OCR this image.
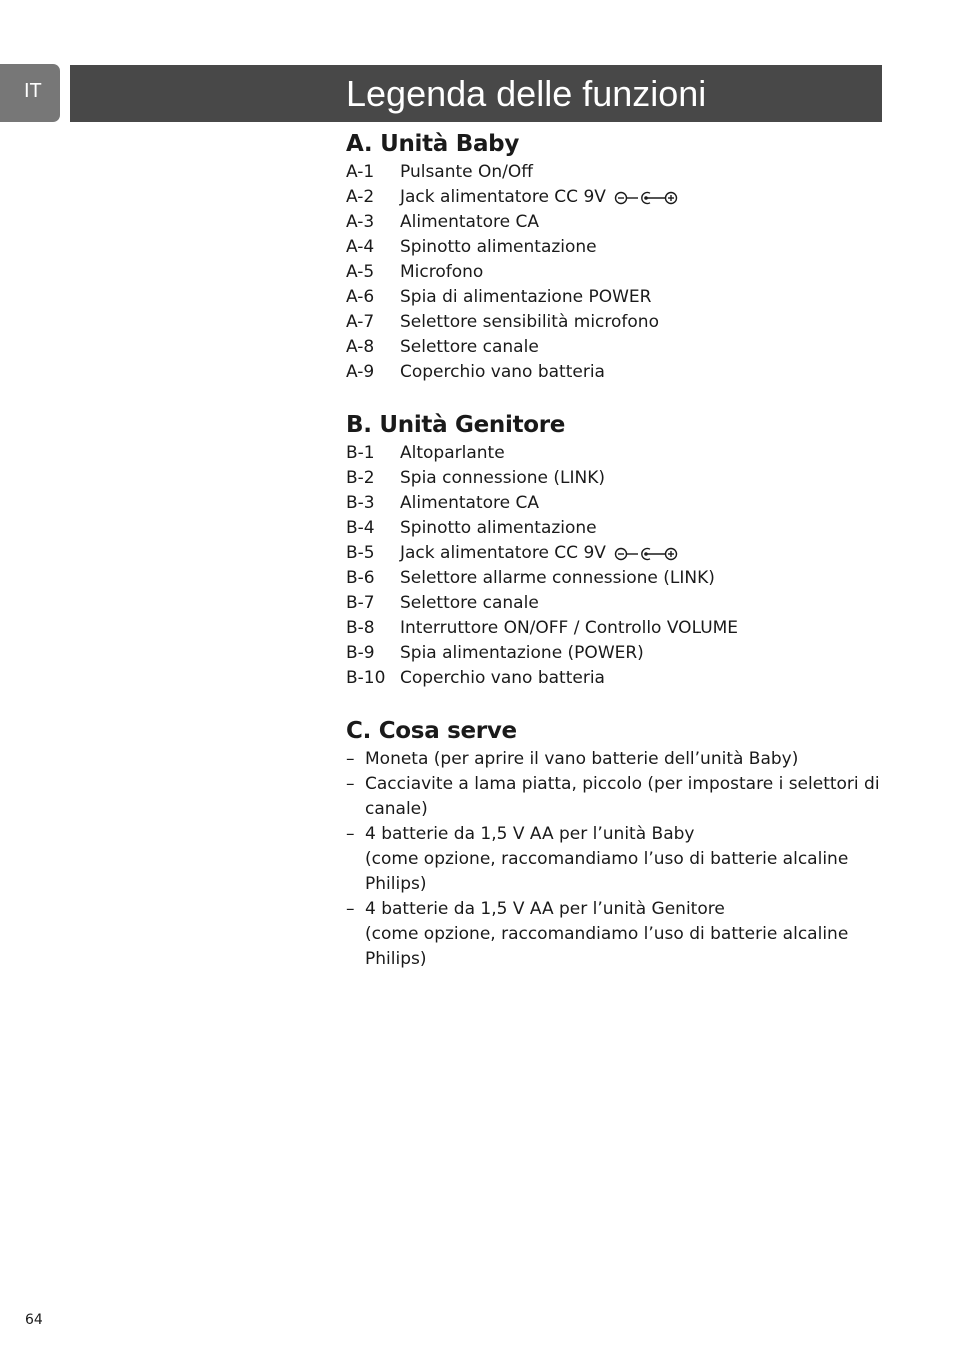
IT	Legenda delle funzioni
A. Unità Baby
A-1	Pulsante On/Off
A-2	Jack alimentatore CC 9V
A-3	Alimentatore CA
A-4	Spinotto alimentazione
A-5	Microfono
A-6	Spia di alimentazione POWER
A-7	Selettore sensibilità microfono
A-8	Selettore canale
A-9	Coperchio vano batteria
B. Unità Genitore
B-1	Altoparlante
B-2	Spia connessione (LINK)
B-3	Alimentatore CA
B-4	Spinotto alimentazione
B-5	Jack alimentatore CC 9V
B-6	Selettore allarme connessione (LINK)
B-7	Selettore canale
B-8	Interruttore ON/OFF / Controllo VOLUME
B-9	Spia alimentazione (POWER)
B-10 Coperchio vano batteria
C. Cosa serve
– Moneta (per aprire il vano batterie dell’unità Baby)
– Cacciavite a lama piatta, piccolo (per impostare i selettori di
canale)
– 4 batterie da 1,5 V AA per l’unità Baby
(come opzione, raccomandiamo l’uso di batterie alcaline
Philips)
– 4 batterie da 1,5 V AA per l’unità Genitore
(come opzione, raccomandiamo l’uso di batterie alcaline
Philips)
64
